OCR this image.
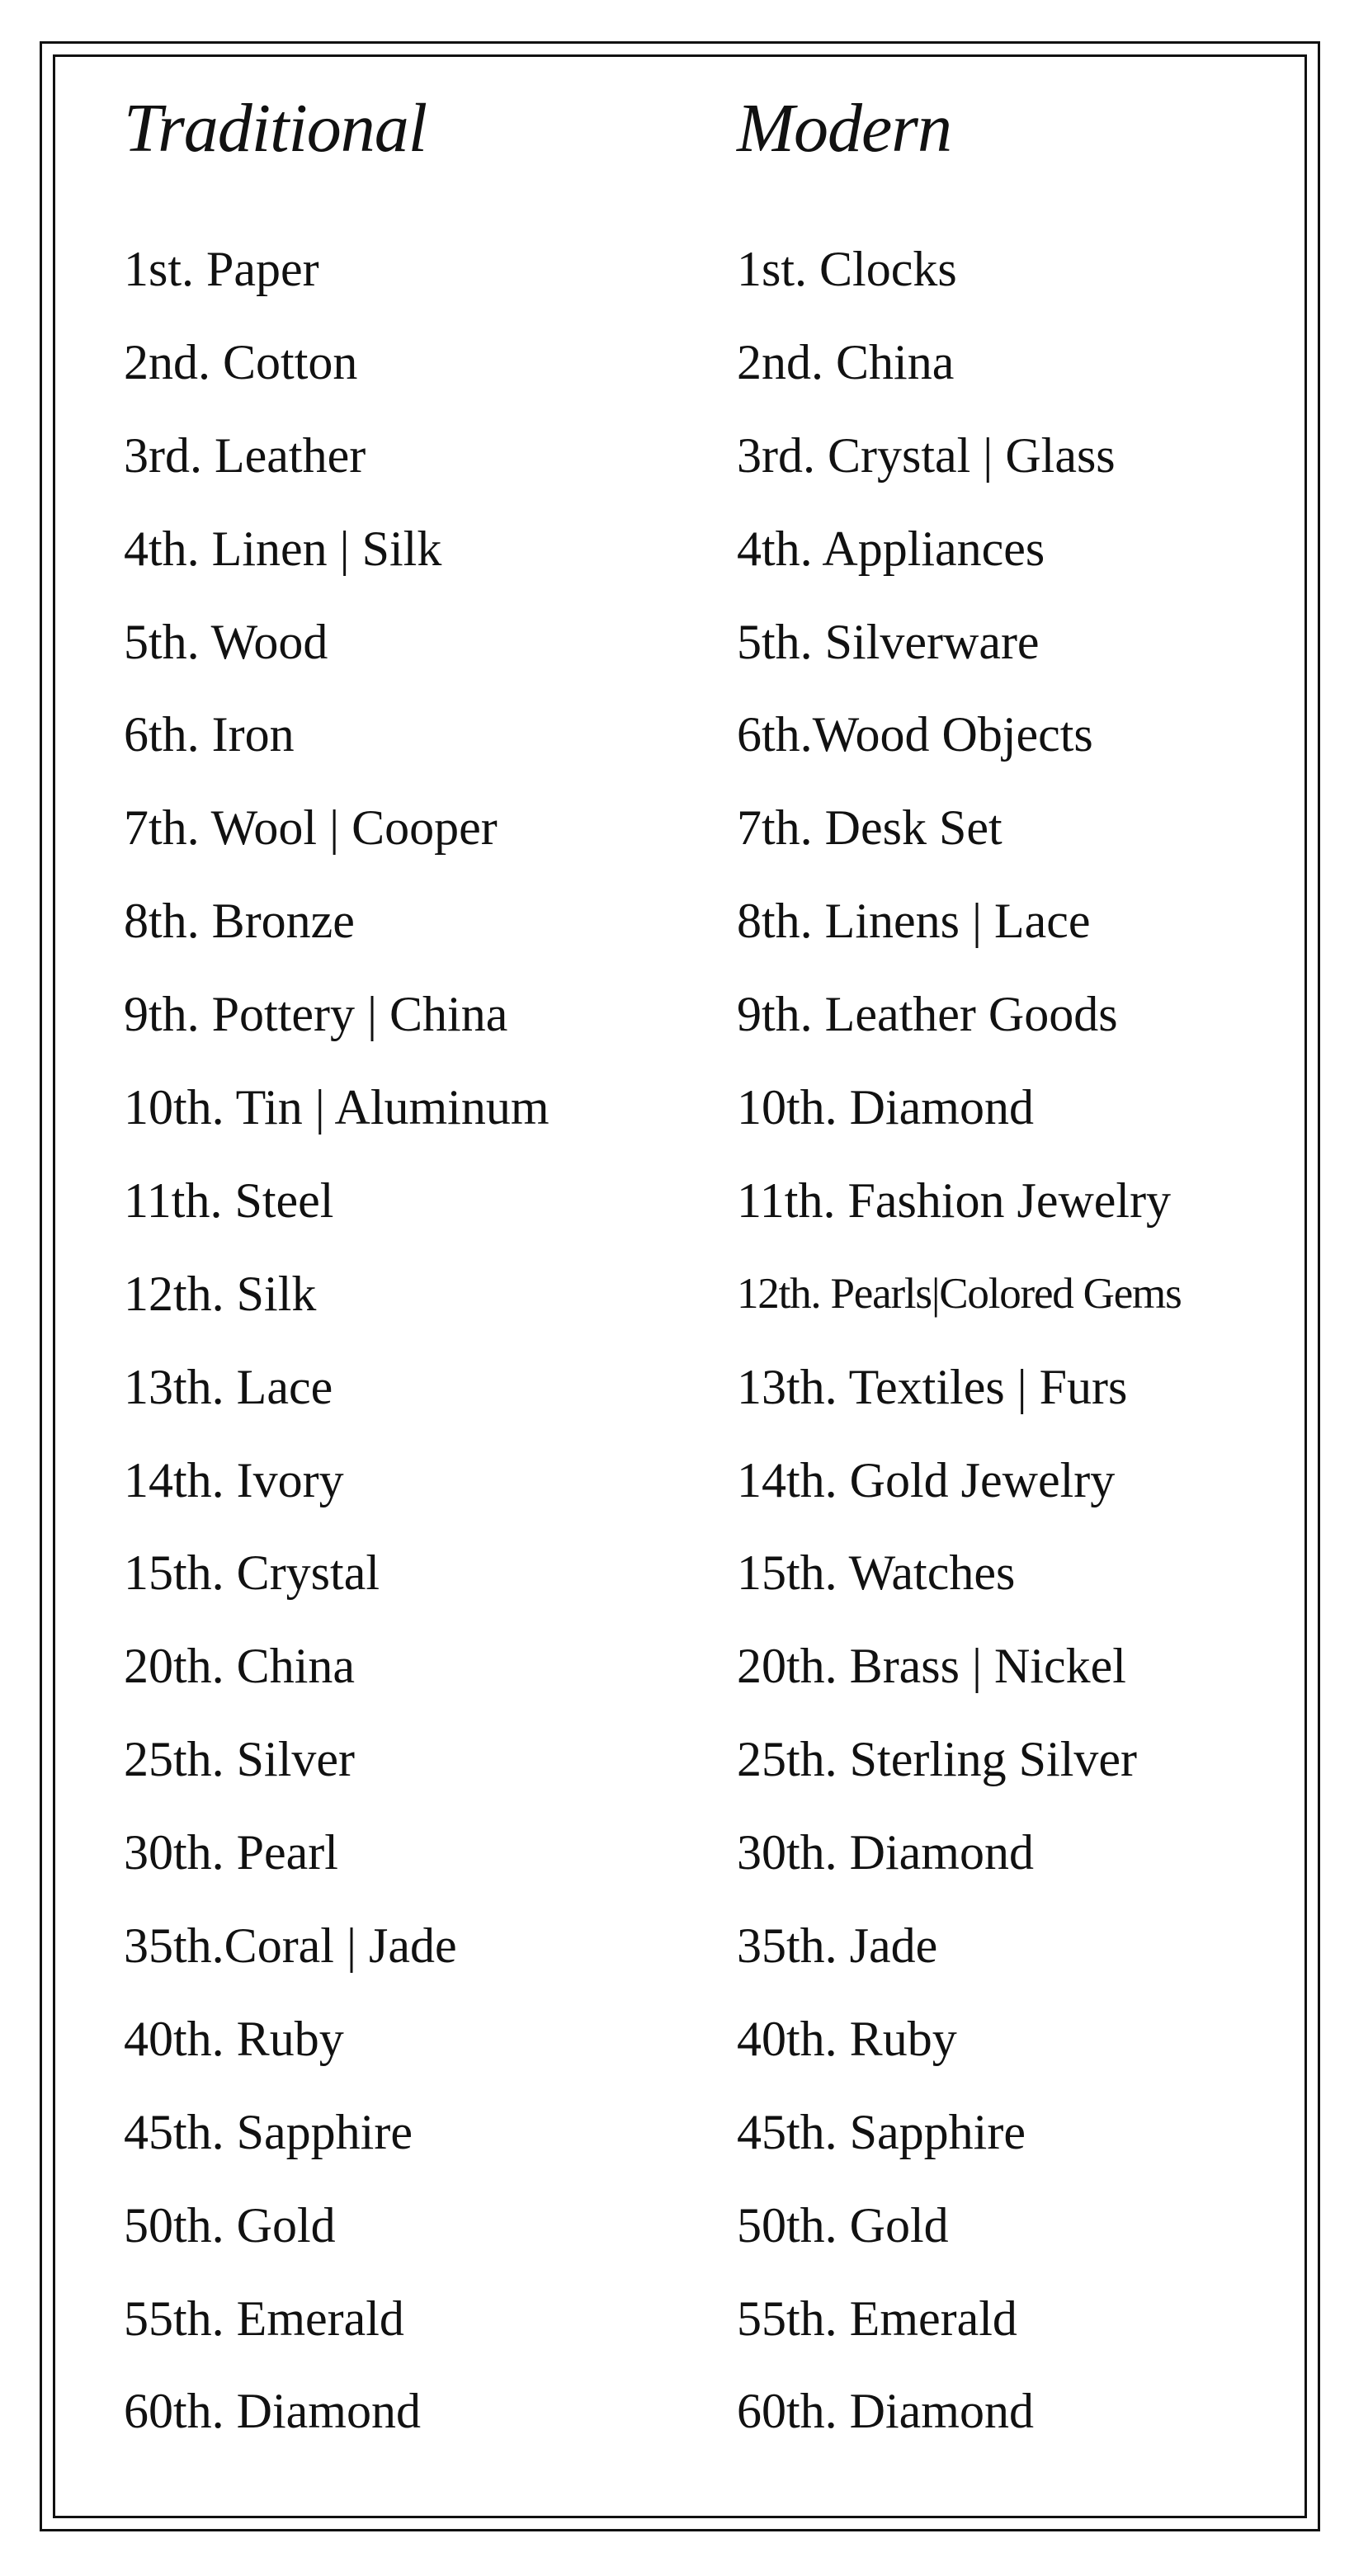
Traditional
1st. Paper
2nd. Cotton
3rd. Leather
4th. Linen | Silk
5th. Wood
6th. Iron
7th. Wool | Cooper
8th. Bronze
9th. Pottery | China
10th. Tin | Aluminum
11th. Steel
12th. Silk
13th. Lace
14th. Ivory
15th. Crystal
20th. China
25th. Silver
30th. Pearl
35th.Coral | Jade
40th. Ruby
45th. Sapphire
50th. Gold
55th. Emerald
60th. Diamond
Modern
1st. Clocks
2nd. China
3rd. Crystal | Glass
4th. Appliances
5th. Silverware
6th.Wood Objects
7th. Desk Set
8th. Linens | Lace
9th. Leather Goods
10th. Diamond
11th. Fashion Jewelry
12th. Pearls|Colored Gems
13th. Textiles | Furs
14th. Gold Jewelry
15th. Watches
20th. Brass | Nickel
25th. Sterling Silver
30th. Diamond
35th. Jade
40th. Ruby
45th. Sapphire
50th. Gold
55th. Emerald
60th. Diamond
